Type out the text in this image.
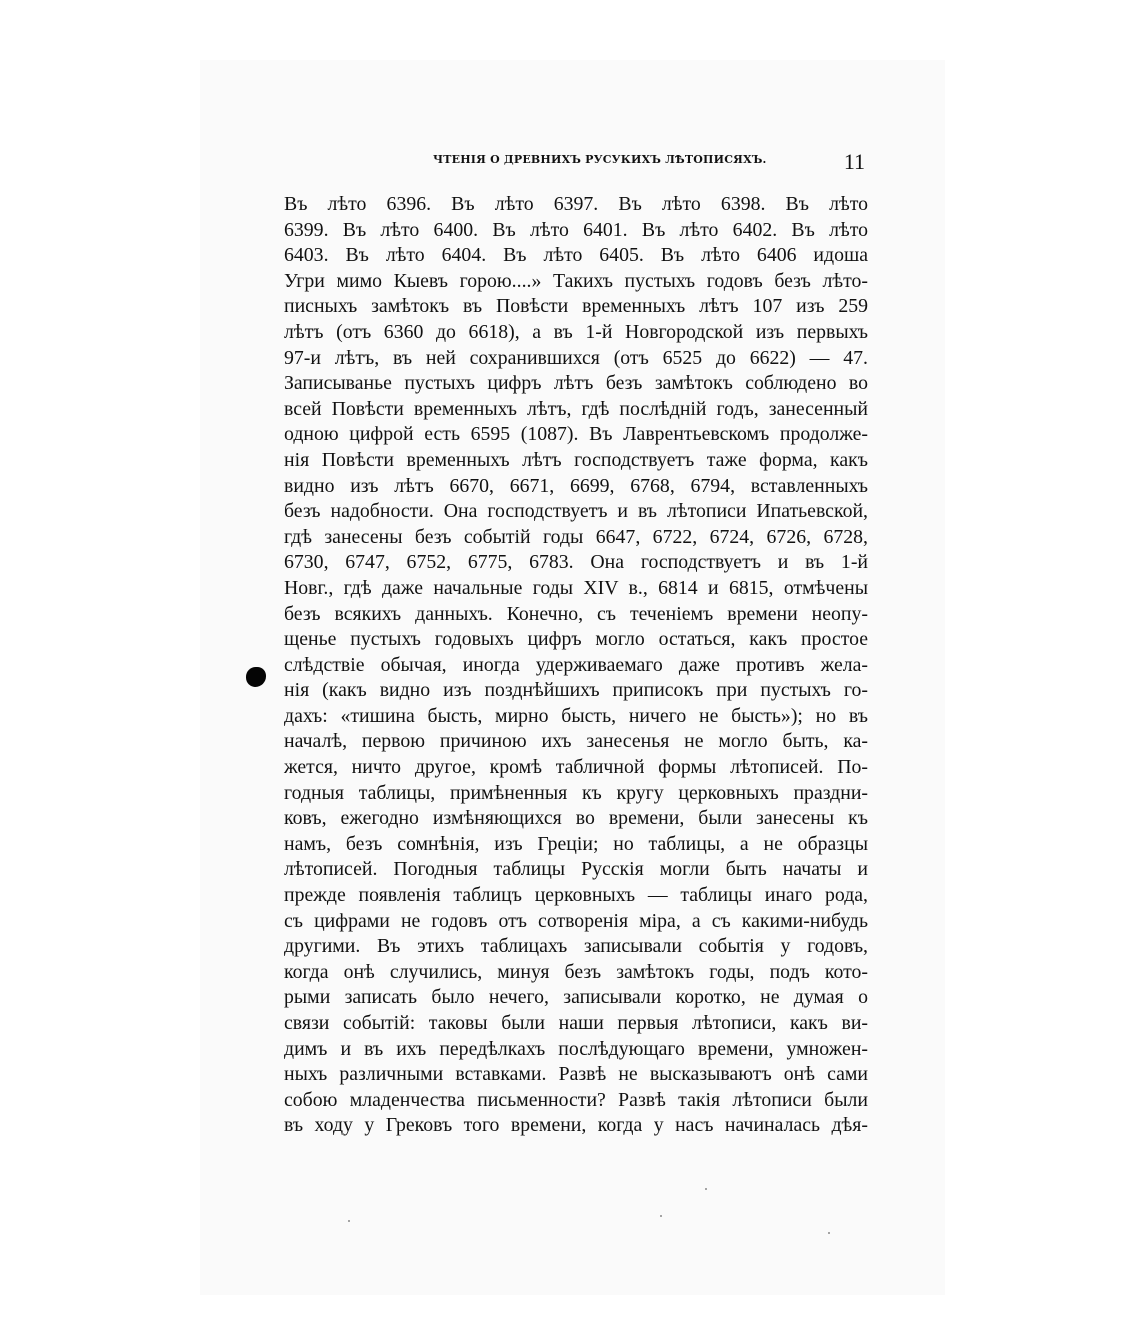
ЧТЕНІЯ О ДРЕВНИХЪ РУСУКИХЪ ЛѢТОПИСЯХЪ.	11
Въ лѣто 6396. Въ лѣто 6397. Въ лѣто 6398. Въ лѣто
6399. Въ лѣто 6400. Въ лѣто 6401. Въ лѣто 6402. Въ лѣто
6403. Въ лѣто 6404. Въ лѣто 6405. Въ лѣто 6406 идоша
Угри мимо Кыевъ горою....» Такихъ пустыхъ годовъ безъ лѣто-
писныхъ замѣтокъ въ Повѣсти временныхъ лѣтъ 107 изъ 259
лѣтъ (отъ 6360 до 6618), а въ 1-й Новгородской изъ первыхъ
97-и лѣтъ, въ ней сохранившихся (отъ 6525 до 6622) — 47.
Записыванье пустыхъ цифръ лѣтъ безъ замѣтокъ соблюдено во
всей Повѣсти временныхъ лѣтъ, гдѣ послѣдній годъ, занесенный
одною цифрой есть 6595 (1087). Въ Лаврентьевскомъ продолже-
нія Повѣсти временныхъ лѣтъ господствуетъ таже форма, какъ
видно изъ лѣтъ 6670, 6671, 6699, 6768, 6794, вставленныхъ
безъ надобности. Она господствуетъ и въ лѣтописи Ипатьевской,
гдѣ занесены безъ событій годы 6647, 6722, 6724, 6726, 6728,
6730, 6747, 6752, 6775, 6783. Она господствуетъ и въ 1-й
Новг., гдѣ даже начальные годы XIV в., 6814 и 6815, отмѣчены
безъ всякихъ данныхъ. Конечно, съ теченіемъ времени неопу-
щенье пустыхъ годовыхъ цифръ могло остаться, какъ простое
слѣдствіе обычая, иногда удерживаемаго даже противъ жела-
нія (какъ видно изъ позднѣйшихъ приписокъ при пустыхъ го-
дахъ: «тишина бысть, мирно бысть, ничего не бысть»); но въ
началѣ, первою причиною ихъ занесенья не могло быть, ка-
жется, ничто другое, кромѣ табличной формы лѣтописей. По-
годныя таблицы, примѣненныя къ кругу церковныхъ праздни-
ковъ, ежегодно измѣняющихся во времени, были занесены къ
намъ, безъ сомнѣнія, изъ Греціи; но таблицы, а не образцы
лѣтописей. Погодныя таблицы Русскія могли быть начаты и
прежде появленія таблицъ церковныхъ — таблицы инаго рода,
съ цифрами не годовъ отъ сотворенія міра, а съ какими-нибудь
другими. Въ этихъ таблицахъ записывали событія у годовъ,
когда онѣ случились, минуя безъ замѣтокъ годы, подъ кото-
рыми записать было нечего, записывали коротко, не думая о
связи событій: таковы были наши первыя лѣтописи, какъ ви-
димъ и въ ихъ передѣлкахъ послѣдующаго времени, умножен-
ныхъ различными вставками. Развѣ не высказываютъ онѣ сами
собою младенчества письменности? Развѣ такія лѣтописи были
въ ходу у Грековъ того времени, когда у насъ начиналась дѣя-
